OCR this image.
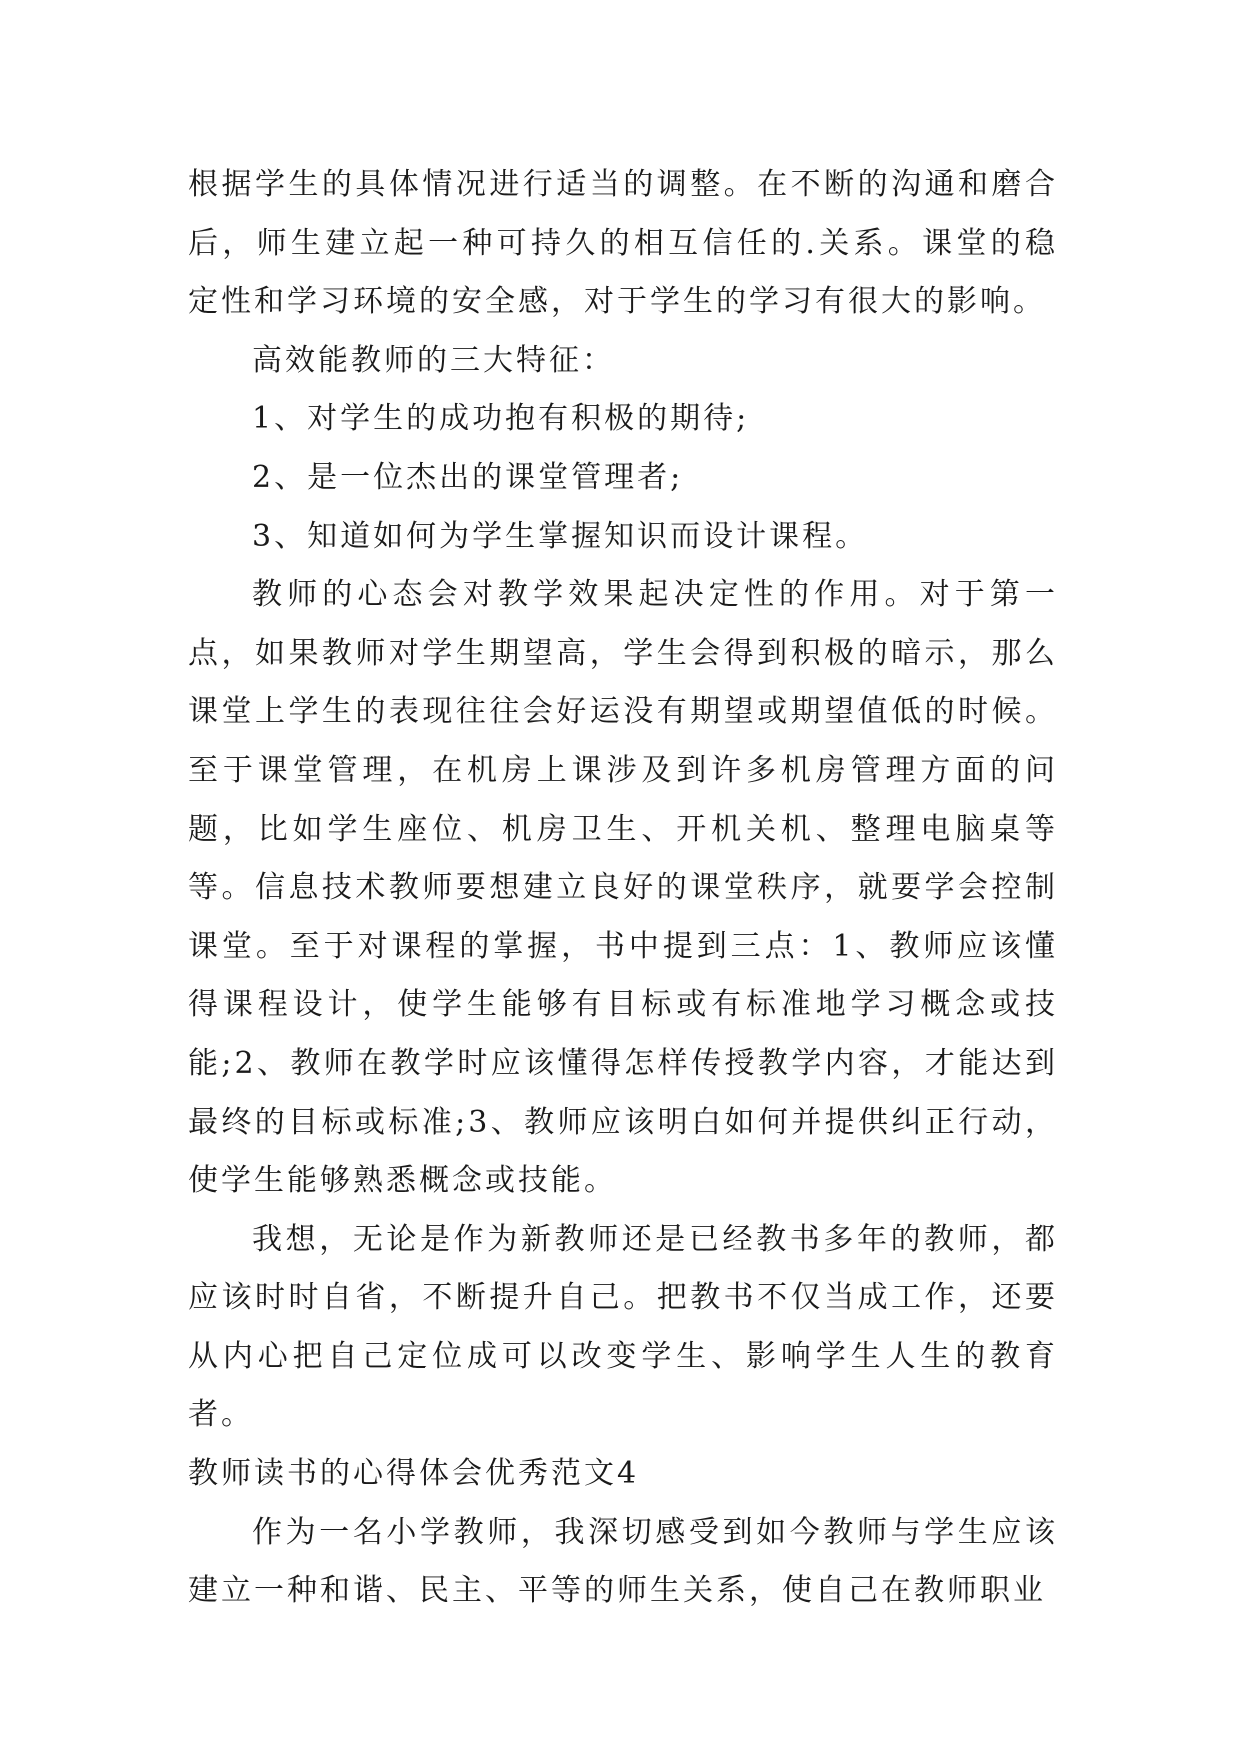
根据学生的具体情况进行适当的调整。在不断的沟通和磨合后，师生建立起一种可持久的相互信任的.关系。课堂的稳定性和学习环境的安全感，对于学生的学习有很大的影响。

高效能教师的三大特征：

1、对学生的成功抱有积极的期待;

2、是一位杰出的课堂管理者;

3、知道如何为学生掌握知识而设计课程。

教师的心态会对教学效果起决定性的作用。对于第一点，如果教师对学生期望高，学生会得到积极的暗示，那么课堂上学生的表现往往会好运没有期望或期望值低的时候。至于课堂管理，在机房上课涉及到许多机房管理方面的问题，比如学生座位、机房卫生、开机关机、整理电脑桌等等。信息技术教师要想建立良好的课堂秩序，就要学会控制课堂。至于对课程的掌握，书中提到三点：1、教师应该懂得课程设计，使学生能够有目标或有标准地学习概念或技能;2、教师在教学时应该懂得怎样传授教学内容，才能达到最终的目标或标准;3、教师应该明白如何并提供纠正行动，使学生能够熟悉概念或技能。

我想，无论是作为新教师还是已经教书多年的教师，都应该时时自省，不断提升自己。把教书不仅当成工作，还要从内心把自己定位成可以改变学生、影响学生人生的教育者。

教师读书的心得体会优秀范文4

作为一名小学教师，我深切感受到如今教师与学生应该建立一种和谐、民主、平等的师生关系，使自己在教师职业
